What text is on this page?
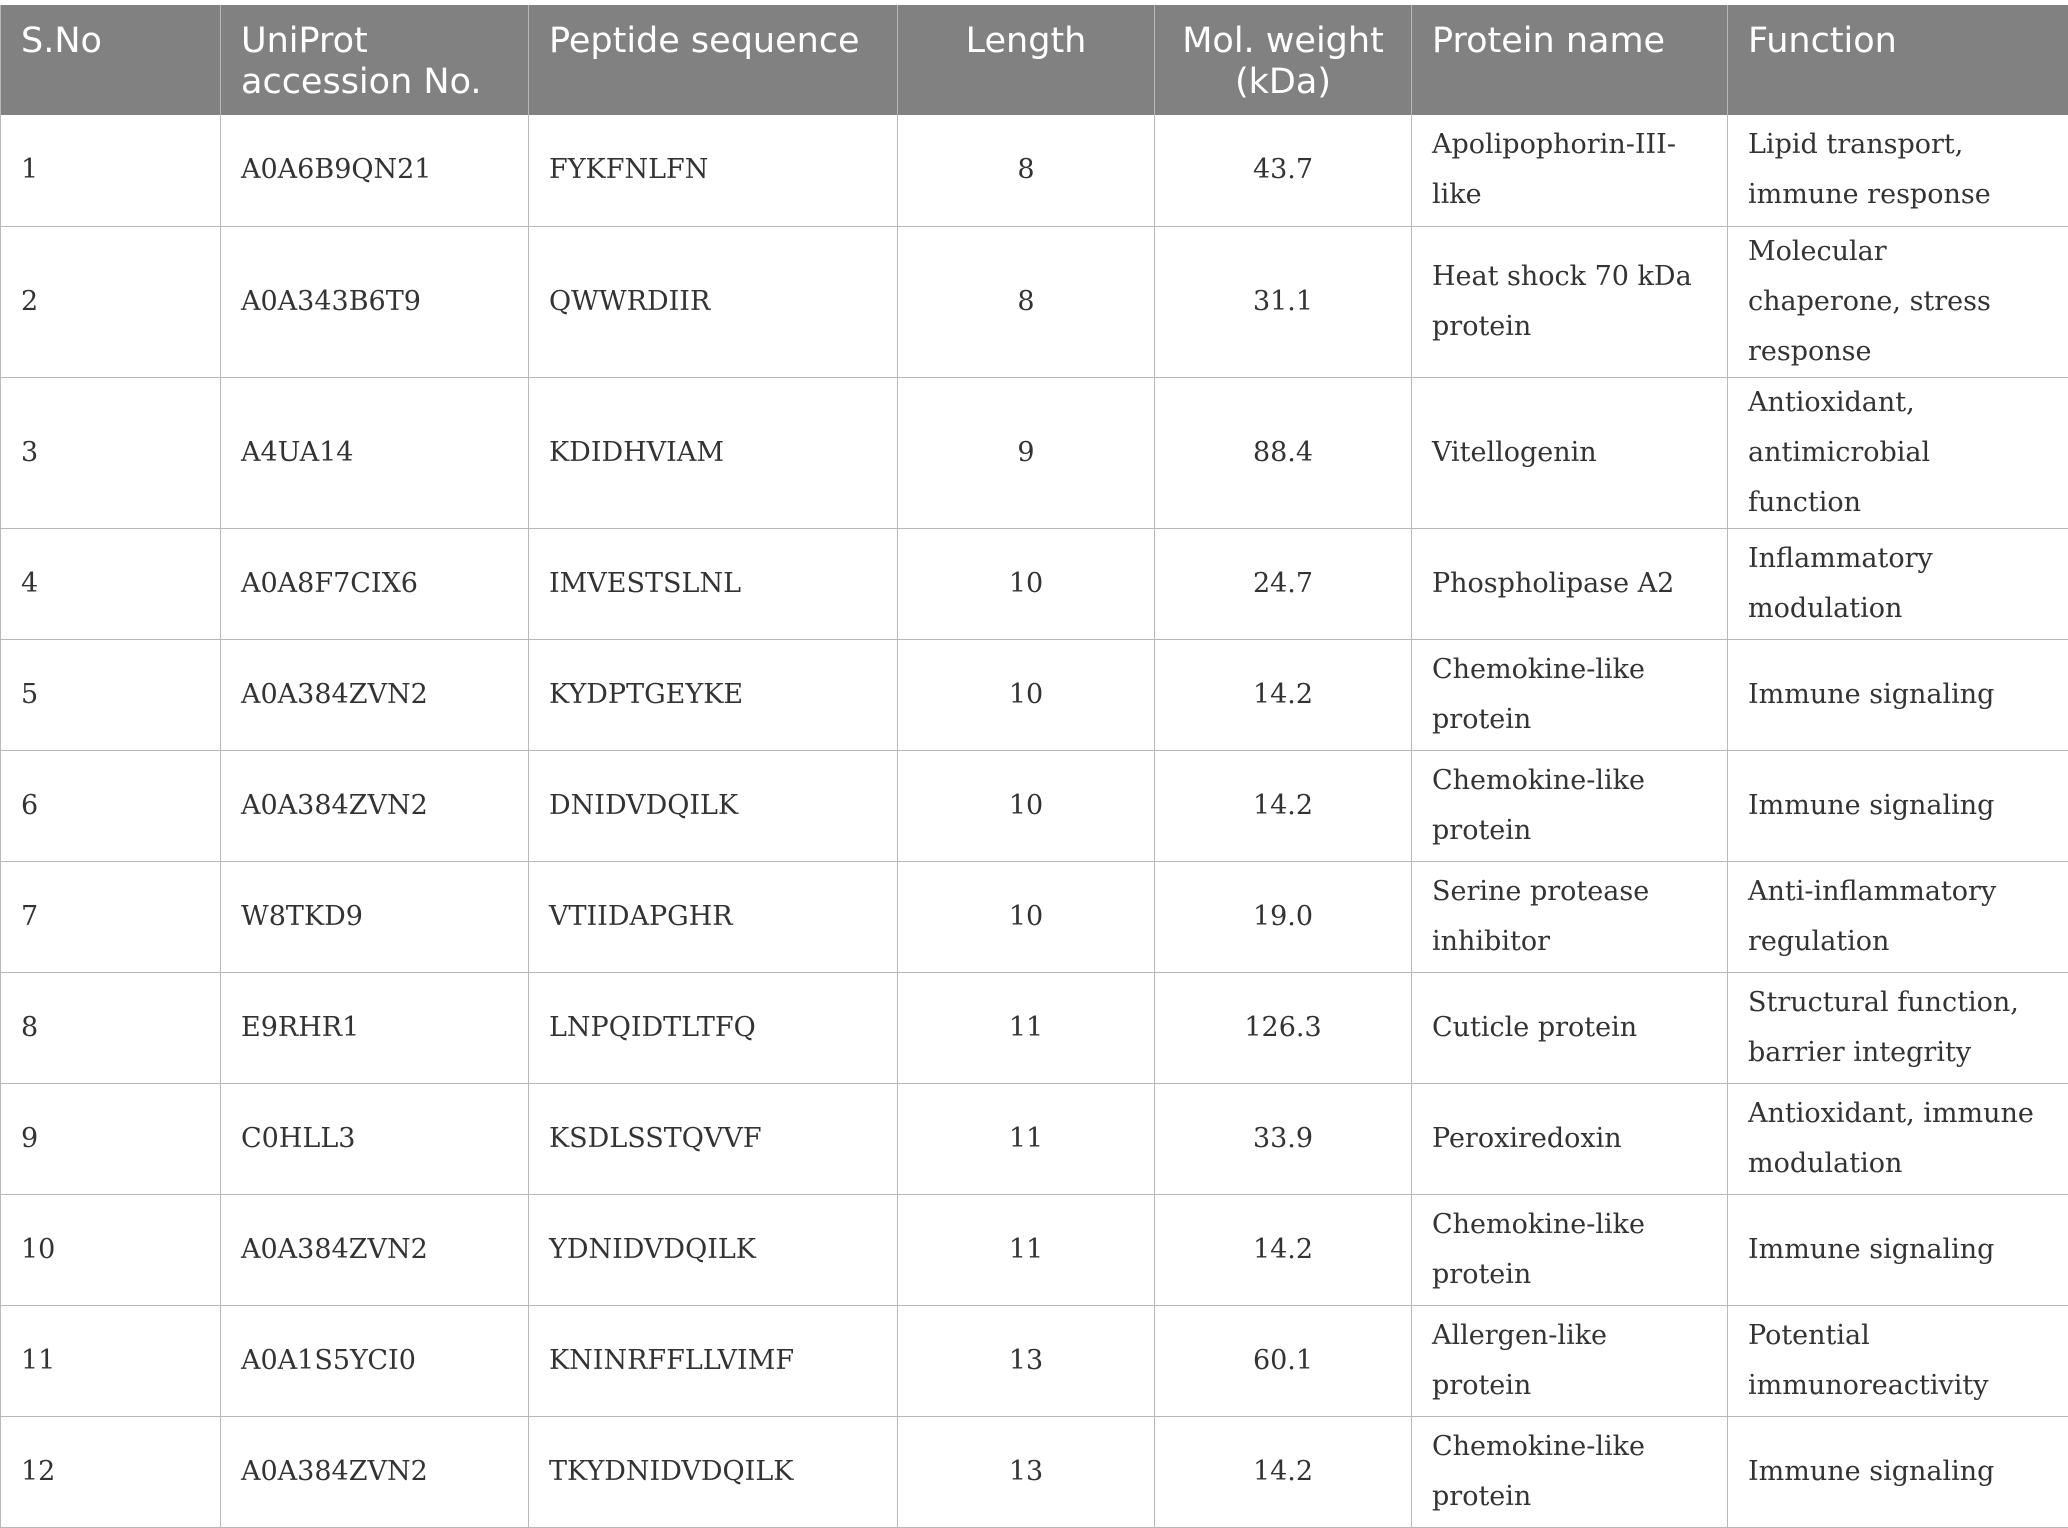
S.No	UniProt accession No.	Peptide sequence	Length	Mol. weight (kDa)	Protein name	Function
1	A0A6B9QN21	FYKFNLFN	8	43.7	Apolipophorin-III-like	Lipid transport, immune response
2	A0A343B6T9	QWWRDIIR	8	31.1	Heat shock 70 kDa protein	Molecular chaperone, stress response
3	A4UA14	KDIDHVIAM	9	88.4	Vitellogenin	Antioxidant, antimicrobial function
4	A0A8F7CIX6	IMVESTSLNL	10	24.7	Phospholipase A2	Inflammatory modulation
5	A0A384ZVN2	KYDPTGEYKE	10	14.2	Chemokine-like protein	Immune signaling
6	A0A384ZVN2	DNIDVDQILK	10	14.2	Chemokine-like protein	Immune signaling
7	W8TKD9	VTIIDAPGHR	10	19.0	Serine protease inhibitor	Anti-inflammatory regulation
8	E9RHR1	LNPQIDTLTFQ	11	126.3	Cuticle protein	Structural function, barrier integrity
9	C0HLL3	KSDLSSTQVVF	11	33.9	Peroxiredoxin	Antioxidant, immune modulation
10	A0A384ZVN2	YDNIDVDQILK	11	14.2	Chemokine-like protein	Immune signaling
11	A0A1S5YCI0	KNINRFFLLVIMF	13	60.1	Allergen-like protein	Potential immunoreactivity
12	A0A384ZVN2	TKYDNIDVDQILK	13	14.2	Chemokine-like protein	Immune signaling
